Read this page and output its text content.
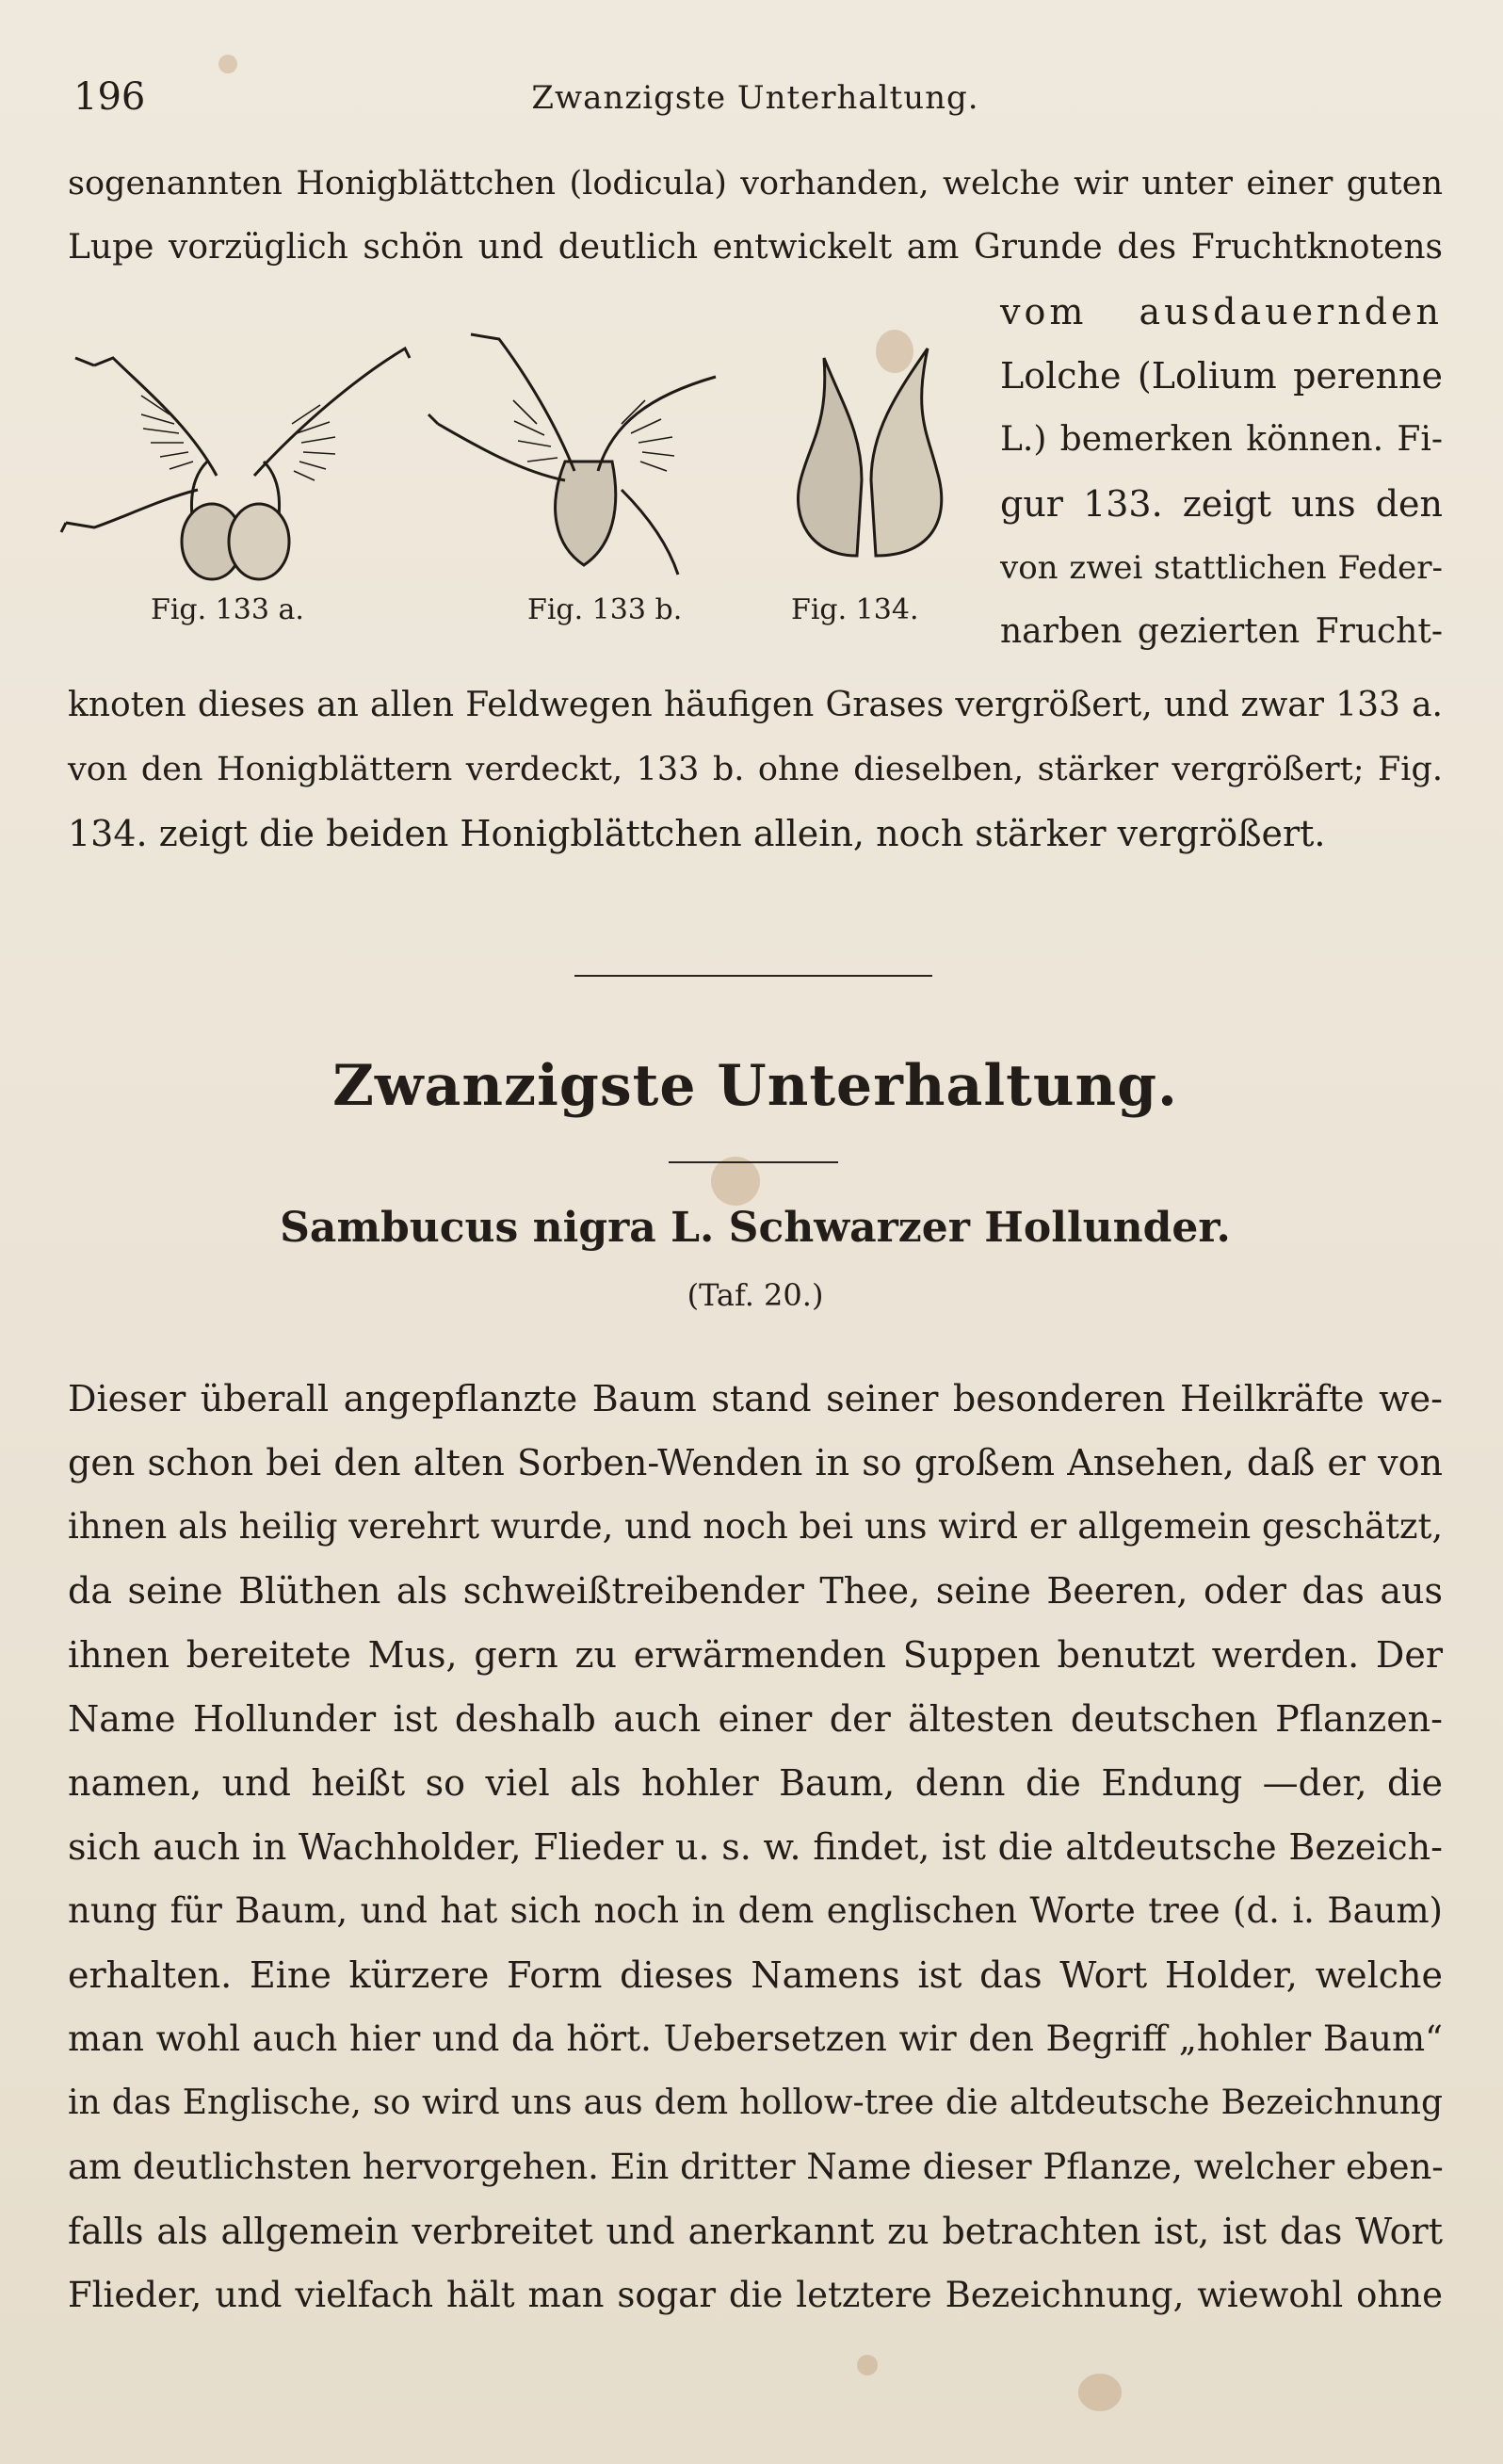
196	Zwanzigste Unterhaltung.
sogenannten Honigblättchen (lodicula) vorhanden, welche wir unter einer guten
Lupe vorzüglich schön und deutlich entwickelt am Grunde des Fruchtknotens
vom ausdauernden
Lolche (Lolium perenne
L.) bemerken können. Fi-
gur 133. zeigt uns den
von zwei stattlichen Feder-
narben gezierten Frucht-
knoten dieses an allen Feldwegen häufigen Grases vergrößert, und zwar 133 a.
von den Honigblättern verdeckt, 133 b. ohne dieselben, stärker vergrößert; Fig.
134. zeigt die beiden Honigblättchen allein, noch stärker vergrößert.
Fig. 133 a.	Fig. 133 b.	Fig. 134.
Zwanzigste Unterhaltung.
Sambucus nigra L. Schwarzer Hollunder.
(Taf. 20.)
Dieser überall angepflanzte Baum stand seiner besonderen Heilkräfte we-
gen schon bei den alten Sorben-Wenden in so großem Ansehen, daß er von
ihnen als heilig verehrt wurde, und noch bei uns wird er allgemein geschätzt,
da seine Blüthen als schweißtreibender Thee, seine Beeren, oder das aus
ihnen bereitete Mus, gern zu erwärmenden Suppen benutzt werden. Der
Name Hollunder ist deshalb auch einer der ältesten deutschen Pflanzen-
namen, und heißt so viel als hohler Baum, denn die Endung —der, die
sich auch in Wachholder, Flieder u. s. w. findet, ist die altdeutsche Bezeich-
nung für Baum, und hat sich noch in dem englischen Worte tree (d. i. Baum)
erhalten. Eine kürzere Form dieses Namens ist das Wort Holder, welche
man wohl auch hier und da hört. Uebersetzen wir den Begriff „hohler Baum“
in das Englische, so wird uns aus dem hollow-tree die altdeutsche Bezeichnung
am deutlichsten hervorgehen. Ein dritter Name dieser Pflanze, welcher eben-
falls als allgemein verbreitet und anerkannt zu betrachten ist, ist das Wort
Flieder, und vielfach hält man sogar die letztere Bezeichnung, wiewohl ohne
